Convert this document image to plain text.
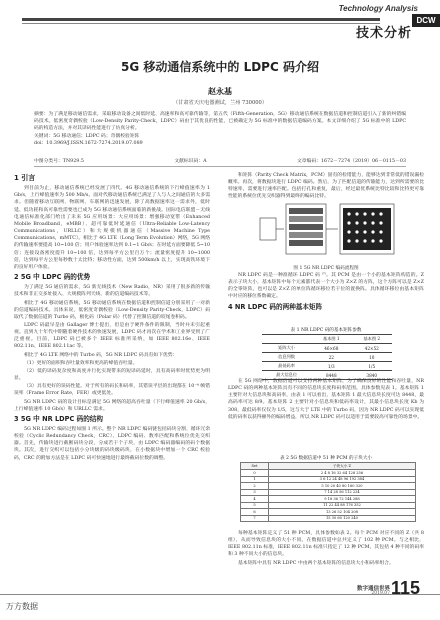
Technology Analysis
技术分析
DCW
5G 移动通信系统中的 LDPC 码介绍
赵永基
（甘肃省天庆电器测试，兰州 730000）
摘要：为了满足移动通信需求，采取移动设备之间低时延、高速率和高可靠传输等，第五代（Fifth-Generation，5G）移动通信系统在数据信道和控制信道引入了新的纠错编码技术。低密度奇偶校验（Low-Density Parity-Check，LDPC）码由于其优良的性能，已被确定为 5G 标准中的数据信道编码方案。本文详细介绍了 5G 标准中的 LDPC 码的构造方法，并对其译码性能进行了仿真分析。
关键词：5G 移动通信；LDPC 码；奇偶校验矩阵
doi：10.3969/J.ISSN.1672-7274.2019.07.089
中图分类号：TN929.5	文献标识码：A	文章编码：1672－7274（2019）06－0115－03
1 引言
到目前为止，移动通信系统已经发展了四代。4G 移动通信系统的下行峰值速率为 1 Gb/s，上行峰值速率为 500 Mb/s。面对代移动通信系统已满足了人与人之间通信的大多需求。但随着移动互联网、物联网、车联网的迅速发展，除了高数据速率这一需求外，低时延、低功耗和高可靠性需要也已成为 5G 移动通信系统面临的新挑战。国际电信联盟－无线电通信标准化部门给出了未来 5G 应用场景：大应用场景：增强移动宽带（Enhanced Mobile Broadband，eMBB）、超可靠低时延通信（Ultra-Reliable Low-Latency Communications，URLLC）和大规模机器通信（Massive Machine Type Communications，mMTC）。相比于 4G LTE（Long Term Evolution）网络，5G 网络的传输速率要提高 10~100 倍；用户体验速率达到 0.1~1 Gb/s；在时延方面要降低 5~10 倍；连接设备密度提升 10~100 倍，达到每平方公里百万个；流量密度提升 10~1000 倍，达到每平方公里每秒数十太比特；移动性方面，达到 500km/h 以上，实现高铁环境下的良好用户体验。
2 5G 中 LDPC 码的优势
为了满足 5G 通信的需求，5G 新无线技术（New Radio，NR）采用了很多新的传输技术和非正交多址接入、大规模阵列天线、新的信道编码技术等。
相比于 4G 移动通信系统，5G 移动通信系统在数据信道和控制信道分别采用了一对新的信道编码技术。具体来说，低密度奇偶校验（Low-Density Parity-Check，LDPC）码取代了数据信道的 Turbo 码，极化码（Polar 码）代替了控制信道的咬尾卷积码。
LDPC 码最早是由 Gallager 博士提出，但是由于硬件条件的限制，当时并未引起重视。直到九十年代中期随着硬件技术的快速发展，LDPC 码才再次在学术和工业界受到了广泛重视。目前，LDPC 码已被多个 IEEE 标准所采纳，如 IEEE 802.16e、IEEE 802.11n、IEEE 802.11ac 等。
相比于 4G LTE 网络中的 Turbo 码，5G NR LDPC 码具有如下优势：
（1）更好的面积和吞吐量效率和更高的峰值吞吐量。
（2）低的译码复杂度和高度并行化实现带来的短译码延时，具有高码率时优势更为明显。
（3）具有更好的误码性能。对于所有的码长和码率，其错误平层的出现都在 10⁻⁴ 帧错误率（Frame Error Rate，FER）或更低处。
5G NR LDPC 码的设计目标是满足 5G 网络的超高吞吐量（下行峰值速率 20 Gb/s，上行峰值速率 10 Gb/s）和 URLLC 需求。
3 5G 中 NR LDPC 码的结构
5G NR LDPC 编码过程如图 1 所示。整个 NR LDPC 编码链包括码块分割、循环冗余校验（Cyclic Redundancy Check，CRC）、LDPC 编码、数率匹配和系统位优先交织器。首先，传输块进行截断码块分段，分成若干个子块，由 LDPC 编码器编码的码个数据块。其次，进行交织可以包括小分块级的码块级码块，在小数据块中增加一个 CRC 校验码，CRC 的附加方法是在 LDPC 码可快速地进行最终截码位数的调整。
和矩阵（Parity Check Matrix，PCM）固有的检错能力，能够达到非常低的错误漏检概率。再次，将数据块进行 LDPC 编码。然后，为了匹配信道的传输能力，达到所需要的比特速率，需要进行速率匹配。包括打孔和重复，最后，经过最优系统比特比较和比特更可靠性能的系统位优先交织器得到最终的编码比特。
图 1 5G NR LDPC 编码流程图
NR LDPC 码是一种准循环 LDPC 码 ⁽⁷⁾。其 PCM 是由一个小的基本矩阵构造的。Z 表示子块大小，基本矩阵中每个元素都代表一个大小为 Z×Z 的方阵，这个方阵可以是 Z×Z 的全零矩阵，也可以是 Z×Z 的单位阵循环移位若干位的置换阵。具体循环移位由基本矩阵中对应的移位系数确定。
4 NR LDPC 码的两种基本矩阵
表 1 NR LDPC 码的基本矩阵参数
	基本图 1	基本图 2
矩阵大小	46×68	42×52
信息列数	22	10
最低码率	1/3	1/5
最大信息位	8448	3840
在 5G 网络中，数据信道可以支持两种基本矩阵，为了确保良好的性能和吞吐量，NR LDPC 码的两种基本矩阵具有不同的信息块长度和码率范围。具体参数见表 1。基本矩阵 1 主要针对大信息块和高码率，由表 1 可以看出，基本矩阵 1 最大信息块长度可达 8448，最高码率可达 8/9。基本矩阵 2 主要针对小信息块和低码率设计，其最小信息块长度 Kb 为 308，最低码率仅仅为 1/5，这与大于 LTE 中的 Turbo 码，因为 NR LDPC 码可以实现低低的码率以获得额外的编码增益，所以 NR LDPC 码可以适用于需要较高可靠性的场景中。
表 2 5G 数据信道中 51 种 PCM 的子块大小
Set	子块大小 Z
0	2 4 8 16 32 64 128 256
1	3 6 12 24 48 96 192 384
2	5 10 20 40 80 160 320
3	7 14 28 56 112 224
4	9 18 36 72 144 288
5	11 22 44 88 176 352
6	13 26 52 104 208
7	15 30 60 120 240
每种基本矩阵定义了 51 种 PCM，具体参数如表 2。每个 PCM 对应不同的 Z（共 8 组），从而导致信息块的大小不同。在数据信道中总共定义了 102 种 PCM。与之相比，IEEE 802.11n 标准，IEEE 802.11n 标准只指定了 12 种 PCM，其包括 4 种不同的码率和 3 种不同大小的信息块。
基本矩阵中具有 NR LDPC 中由两个基本矩阵的信息块大小和码率组合。
万方数据
数字通信世界
2019.07 115
